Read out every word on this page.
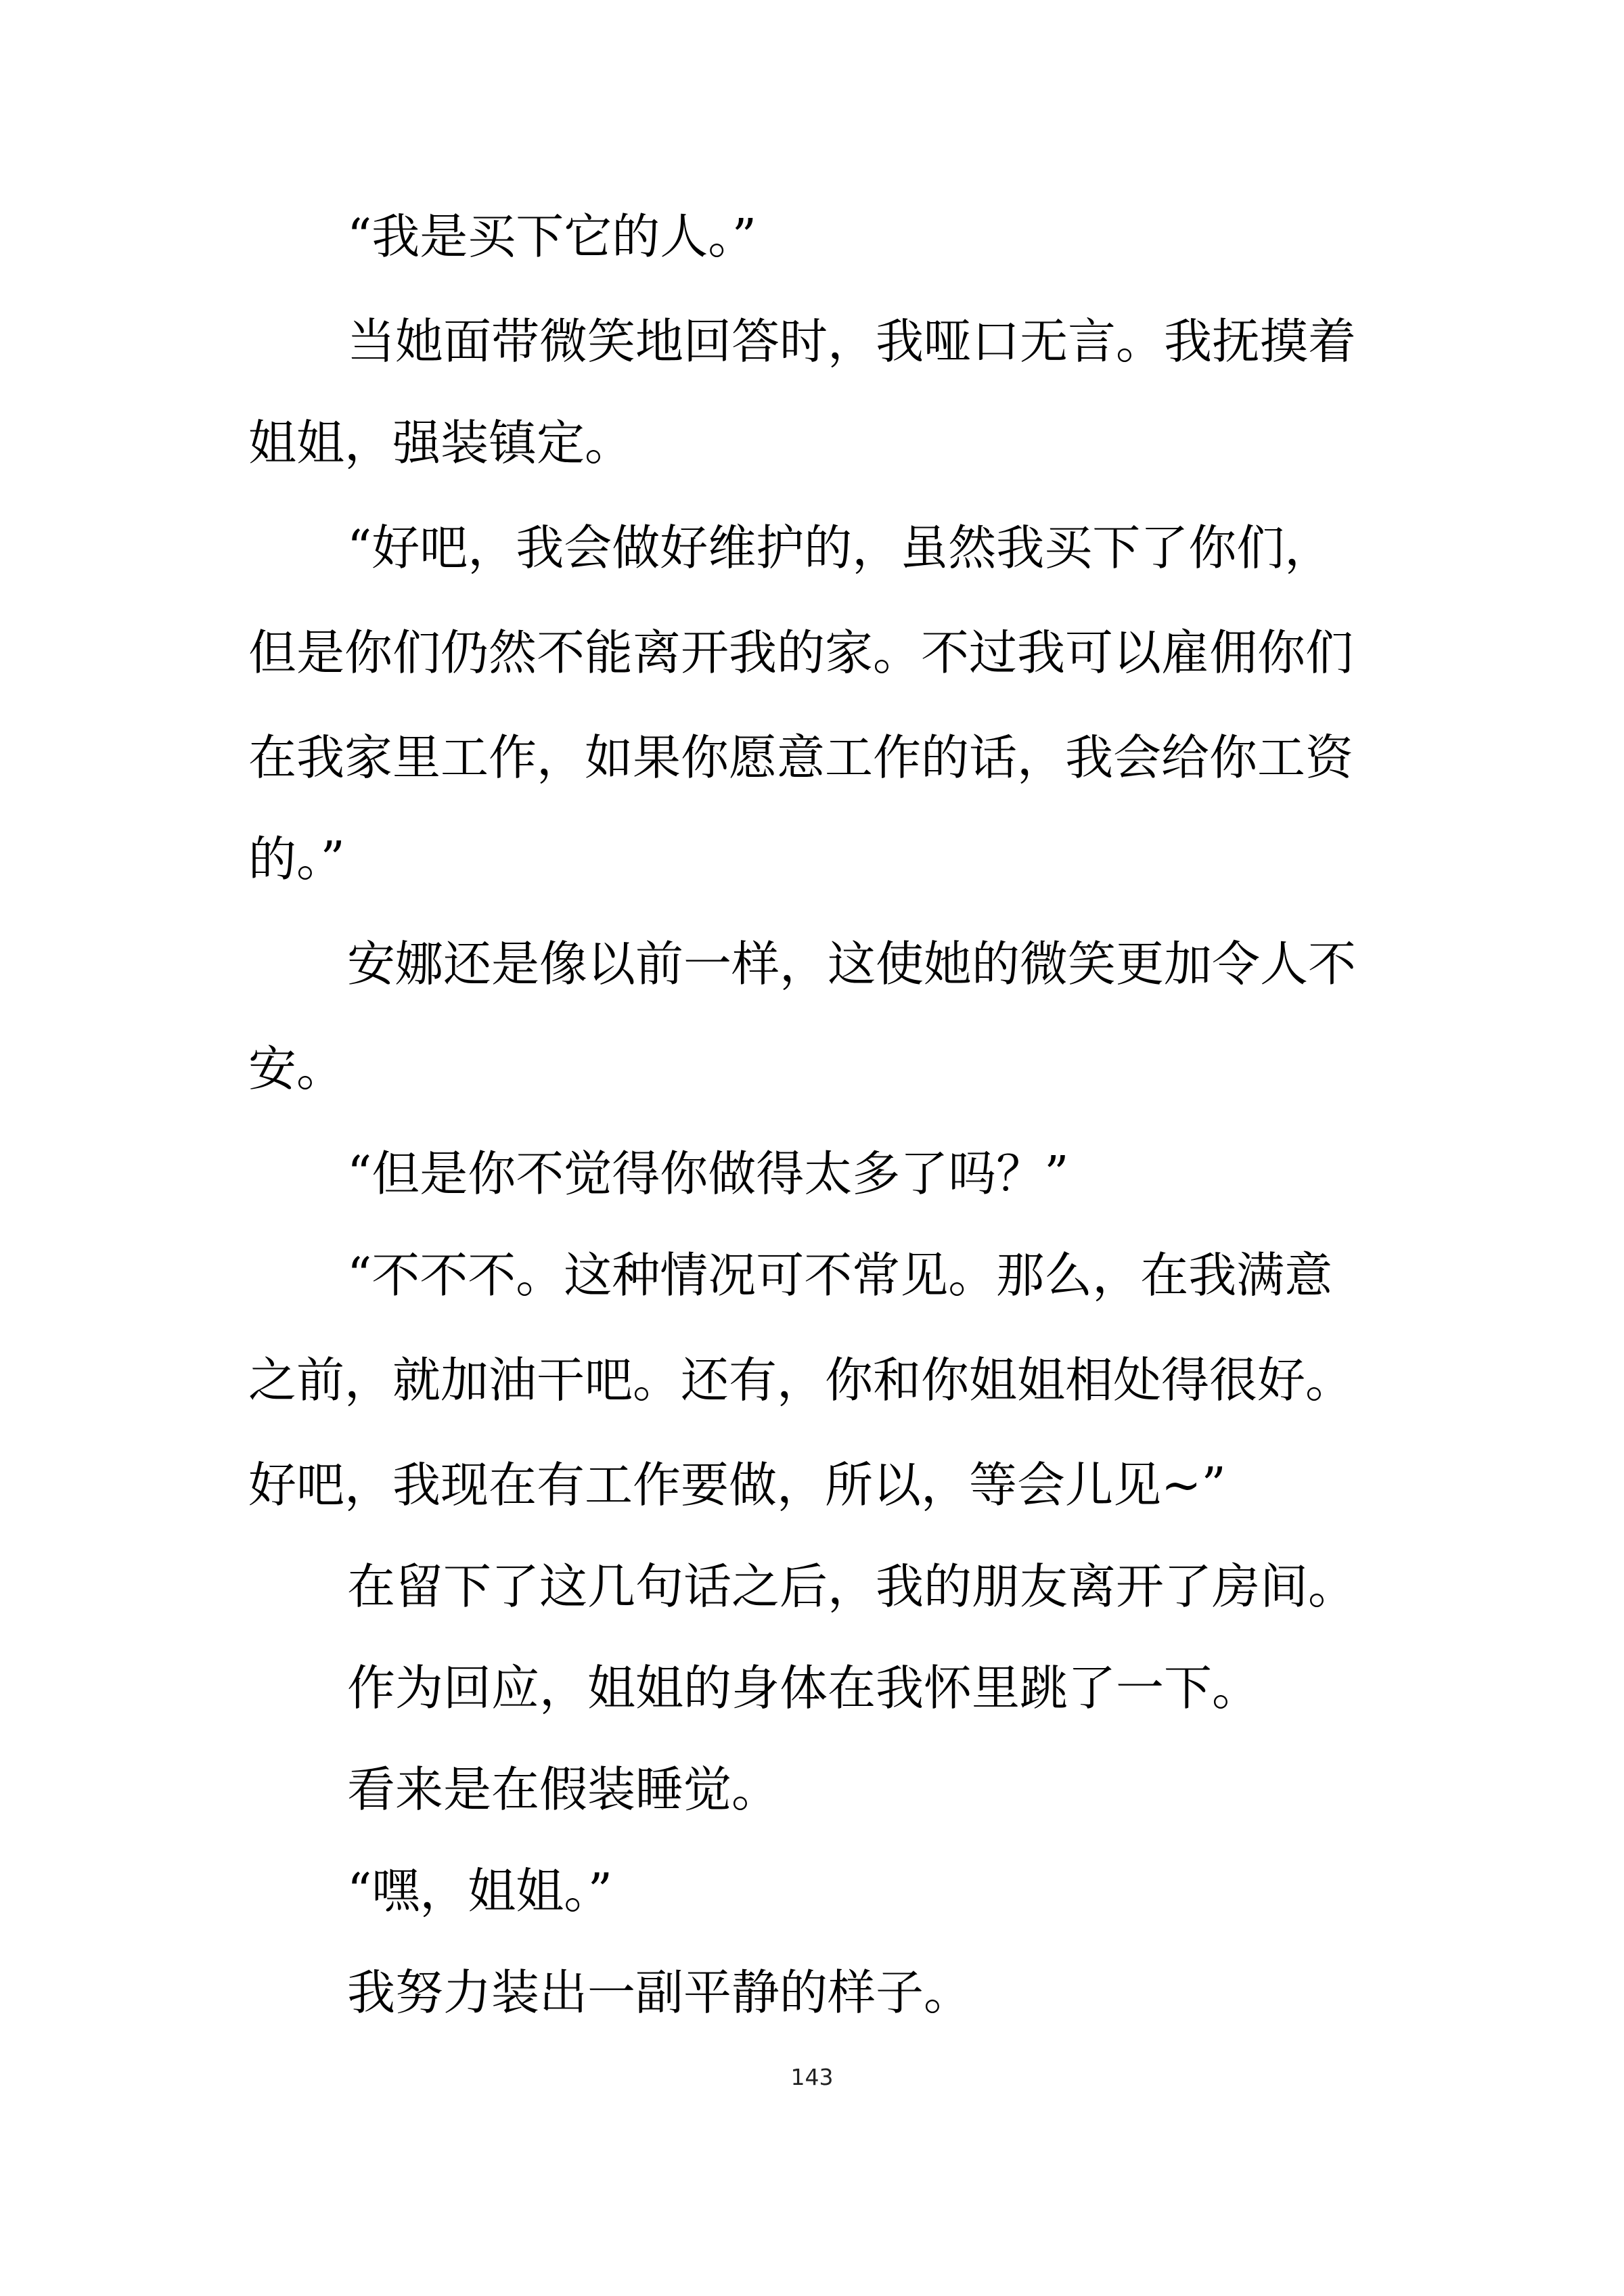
“我是买下它的人。”
当她面带微笑地回答时，我哑口无言。我抚摸着
姐姐，强装镇定。
“好吧，我会做好维护的，虽然我买下了你们，
但是你们仍然不能离开我的家。不过我可以雇佣你们
在我家里工作，如果你愿意工作的话，我会给你工资
的。”
安娜还是像以前一样，这使她的微笑更加令人不
安。
“但是你不觉得你做得太多了吗？”
“不不不。这种情况可不常见。那么，在我满意
之前，就加油干吧。还有，你和你姐姐相处得很好。
好吧，我现在有工作要做，所以，等会儿见~”
在留下了这几句话之后，我的朋友离开了房间。
作为回应，姐姐的身体在我怀里跳了一下。
看来是在假装睡觉。
“嘿，姐姐。”
我努力装出一副平静的样子。
143
